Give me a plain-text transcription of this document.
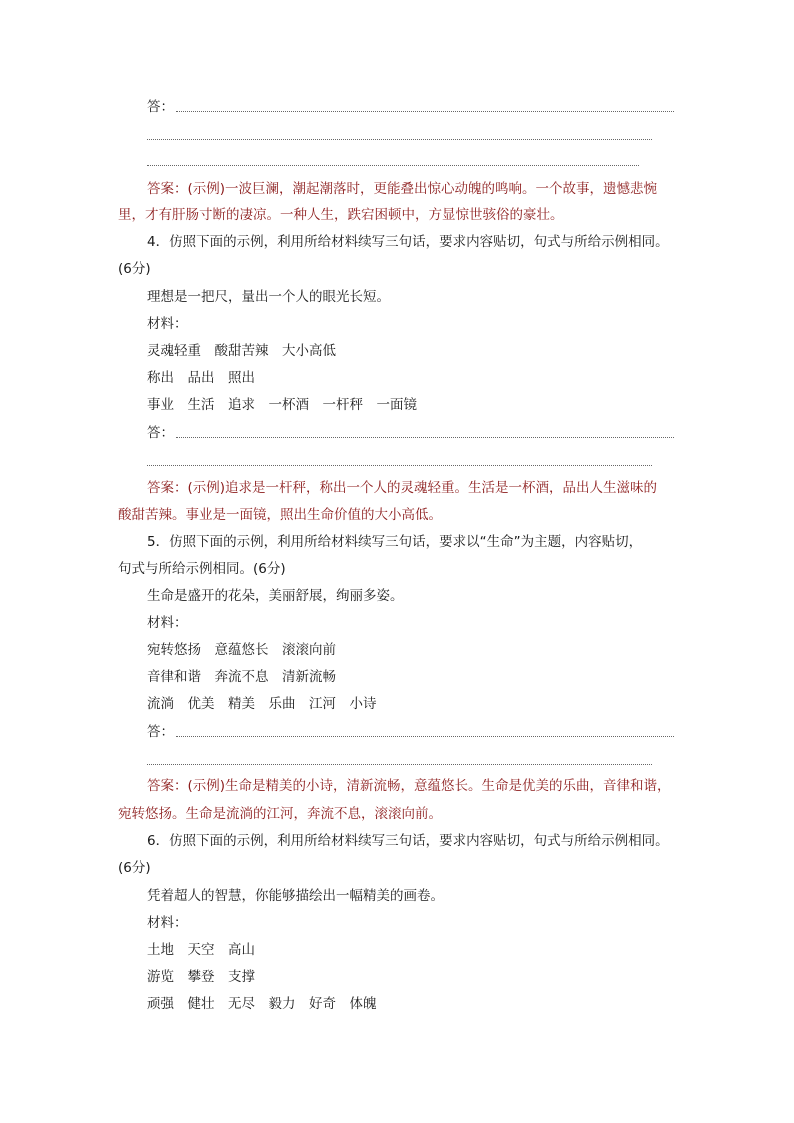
答：
答案：(示例)一波巨澜，潮起潮落时，更能叠出惊心动魄的鸣响。一个故事，遗憾悲惋
里，才有肝肠寸断的凄凉。一种人生，跌宕困顿中，方显惊世骇俗的豪壮。
4．仿照下面的示例，利用所给材料续写三句话，要求内容贴切，句式与所给示例相同。
(6分)
理想是一把尺，量出一个人的眼光长短。
材料：
灵魂轻重　酸甜苦辣　大小高低
称出　品出　照出
事业　生活　追求　一杯酒　一杆秤　一面镜
答：
答案：(示例)追求是一杆秤，称出一个人的灵魂轻重。生活是一杯酒，品出人生滋味的
酸甜苦辣。事业是一面镜，照出生命价值的大小高低。
5．仿照下面的示例，利用所给材料续写三句话，要求以“生命”为主题，内容贴切，
句式与所给示例相同。(6分)
生命是盛开的花朵，美丽舒展，绚丽多姿。
材料：
宛转悠扬　意蕴悠长　滚滚向前
音律和谐　奔流不息　清新流畅
流淌　优美　精美　乐曲　江河　小诗
答：
答案：(示例)生命是精美的小诗，清新流畅，意蕴悠长。生命是优美的乐曲，音律和谐，
宛转悠扬。生命是流淌的江河，奔流不息，滚滚向前。
6．仿照下面的示例，利用所给材料续写三句话，要求内容贴切，句式与所给示例相同。
(6分)
凭着超人的智慧，你能够描绘出一幅精美的画卷。
材料：
土地　天空　高山
游览　攀登　支撑
顽强　健壮　无尽　毅力　好奇　体魄
